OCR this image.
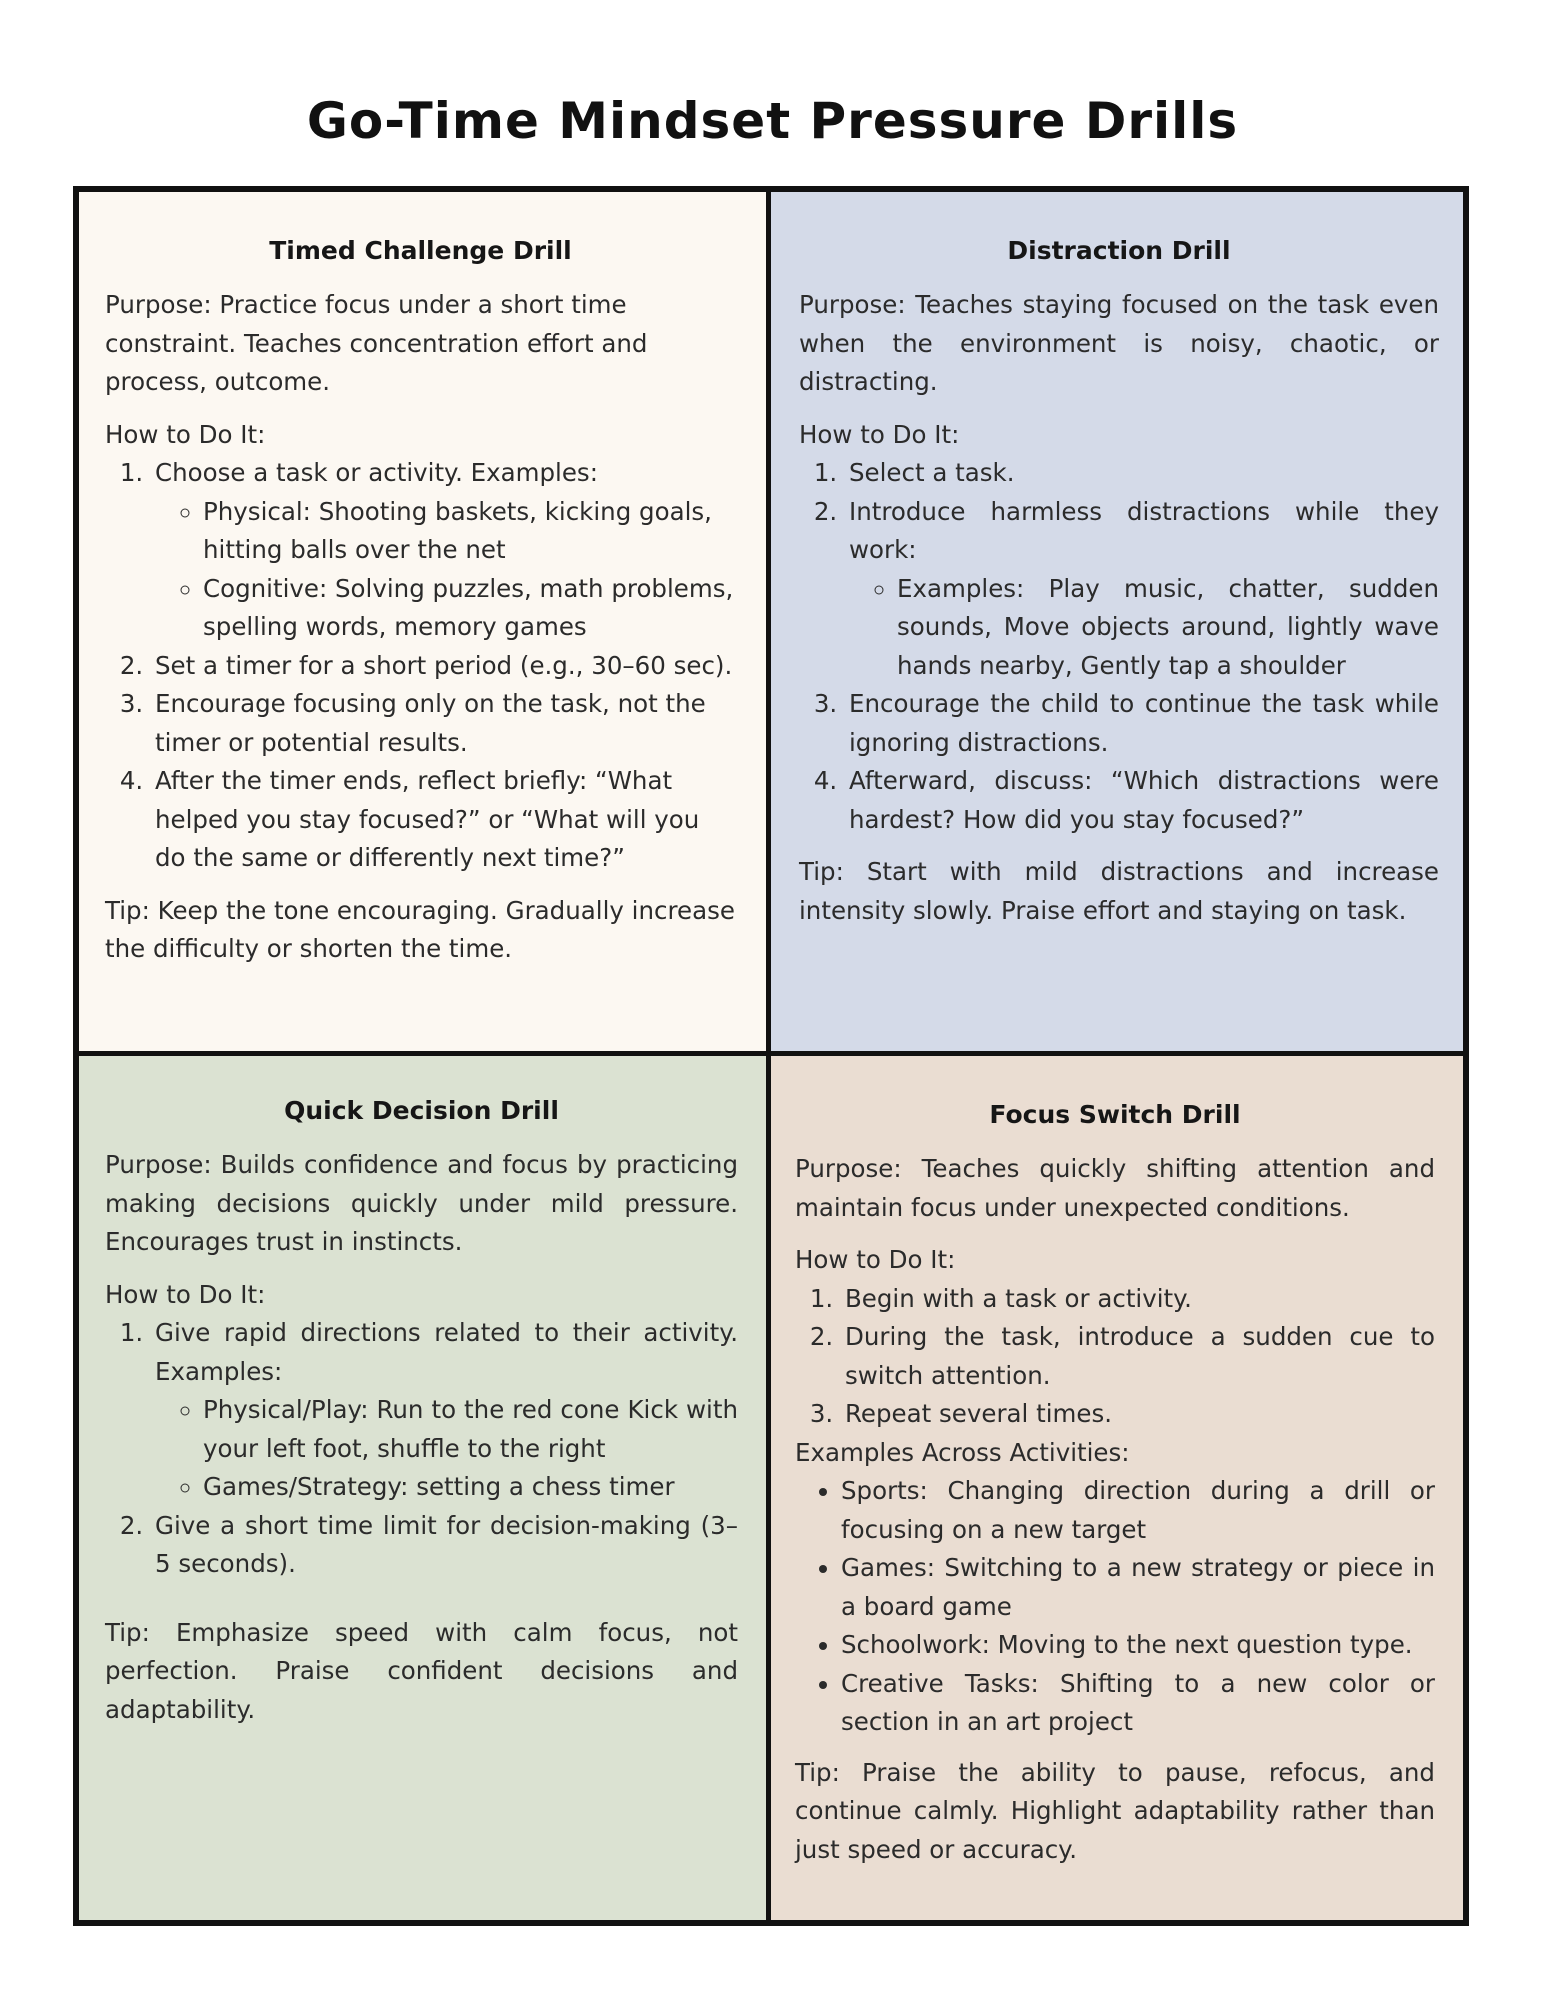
Go-Time Mindset Pressure Drills
Timed Challenge Drill

Purpose: Practice focus under a short time constraint. Teaches concentration effort and process, outcome.

How to Do It:

1. Choose a task or activity. Examples:
◦ Physical: Shooting baskets, kicking goals, hitting balls over the net
◦ Cognitive: Solving puzzles, math problems, spelling words, memory games
2. Set a timer for a short period (e.g., 30–60 sec).
3. Encourage focusing only on the task, not the timer or potential results.
4. After the timer ends, reflect briefly: “What helped you stay focused?” or “What will you do the same or differently next time?”

Tip: Keep the tone encouraging. Gradually increase the difficulty or shorten the time.

Distraction Drill

Purpose: Teaches staying focused on the task even when the environment is noisy, chaotic, or distracting.

How to Do It:

1. Select a task.
2. Introduce harmless distractions while they work:
◦ Examples: Play music, chatter, sudden sounds, Move objects around, lightly wave hands nearby, Gently tap a shoulder
3. Encourage the child to continue the task while ignoring distractions.
4. Afterward, discuss: “Which distractions were hardest? How did you stay focused?”

Tip: Start with mild distractions and increase intensity slowly. Praise effort and staying on task.

Quick Decision Drill

Purpose: Builds confidence and focus by practicing making decisions quickly under mild pressure. Encourages trust in instincts.

How to Do It:

1. Give rapid directions related to their activity. Examples:
◦ Physical/Play: Run to the red cone Kick with your left foot, shuffle to the right
◦ Games/Strategy: setting a chess timer
2. Give a short time limit for decision-making (3–5 seconds).

Tip: Emphasize speed with calm focus, not perfection. Praise confident decisions and adaptability.

Focus Switch Drill

Purpose: Teaches quickly shifting attention and maintain focus under unexpected conditions.

How to Do It:

1. Begin with a task or activity.
2. During the task, introduce a sudden cue to switch attention.
3. Repeat several times.

Examples Across Activities:

• Sports: Changing direction during a drill or focusing on a new target
• Games: Switching to a new strategy or piece in a board game
• Schoolwork: Moving to the next question type.
• Creative Tasks: Shifting to a new color or section in an art project

Tip: Praise the ability to pause, refocus, and continue calmly. Highlight adaptability rather than just speed or accuracy.
